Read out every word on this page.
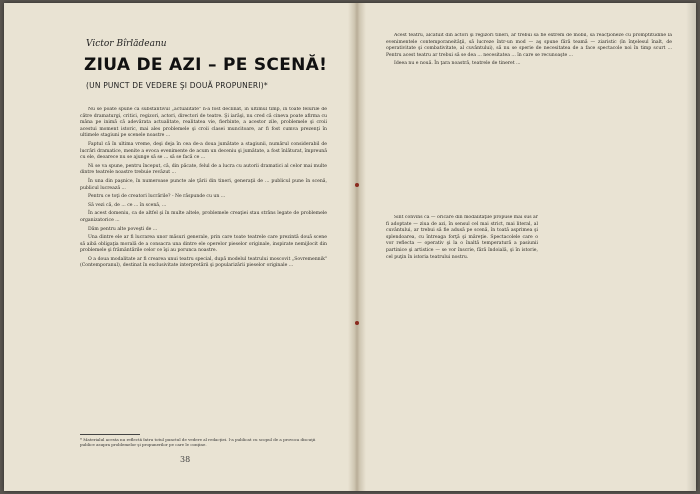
Victor Bîrlădeanu
ZIUA DE AZI – PE SCENĂ!
(UN PUNCT DE VEDERE ŞI DOUĂ PROPUNERI)*

Nu se poate spune că substantivul „actualitate" n-a fost declinat, în ultimul timp, în toate felurile de către dramaturgi, critici, regizori, actori, directori de teatre. Şi iarăşi, nu cred că cineva poate afirma cu mâna pe inimă că adevărata actualitate, realitatea vie, fierbinte, a acestor zile, problemele şi croii acestui moment istoric, mai ales problemele şi croii clasei muncitoare, ar fi fost cumva prezenţi în ultimele stagiuni pe scenele noastre ...

Faptul că în ultima vreme, deşi deja în cea de-a doua jumătate a stagiunii, numărul considerabil de lucrări dramatice, menite a evoca evenimente de acum un deceniu şi jumătate, a fost înlăturat, împreună cu ele, deoarece nu se ajunge să se ... să se facă ce ...

Ni se va spune, pentru început, că, din păcate, felul de a lucra cu autorii dramatici al celor mai multe dintre teatrele noastre trebuie revăzut ...

În una din paşnice, în numeroase puncte ale ţării din tineri, generaţii de ... publicul pune în scenă, publicul lucrează ...

Pentru ce toţi de creatori lucrările? - Ne răspunde cu un ...

Să vezi că, de ... ce ... în scenă, ...

În acest domeniu, ca de altfel şi în multe altele, problemele creaţiei stau strâns legate de problemele organizatorice ...

Dăm pentru alte poveşti de ...

Una dintre ele ar fi lucrarea unor măsuri generale, prin care toate teatrele care prezintă două scene să aibă obligaţia morală de a consacra una dintre ele operelor pieselor originale, inspirate nemijlocit din problemele şi frământările celor ce îşi au porunca noastre.

O a doua modalitate ar fi crearea unui teatru special, după modelul teatrului moscovit „Sovremennik" (Contemporanul), destinat în exclusivitate interpretării şi popularizării pieselor originale ...

* Materialul acesta nu reflectă întru totul punctul de vedere al redacţiei. l-a publicat cu scopul de a provoca discuţii publice asupra problemelor şi propunerilor pe care le conţine.
38

Acest teatru, alcătuit din actori şi regizori tineri, ar trebui să fie extrem de mobil, să reacţioneze cu promptitudine la evenimentele contemporaneităţii, să lucreze într-un mod — aş spune fără teamă — ziaristic (în înţelesul înalt, de operativitate şi combativitate, al cuvântului), să nu se sperie de necesitatea de a face spectacole noi în timp scurt ... Pentru acest teatru ar trebui să se dea ... necesitatea ... în care se recunoaşte ...

Ideea nu e nouă. În ţara noastră, teatrele de tineret ...

Sînt convins că — oricare din modalităţile propuse mai sus ar fi adoptate — ziua de azi, în sensul cel mai strict, mai literal, al cuvântului, ar trebui să fie adusă pe scenă, în toată asprimea şi splendoarea, cu întreaga forţă şi măreţie. Spectacolele care o vor reflecta — operativ şi la o înaltă temperatură a pasiunii partinice şi artistice — se vor înscrie, fără îndoială, şi în istorie, cel puţin în istoria teatrului nostru.
